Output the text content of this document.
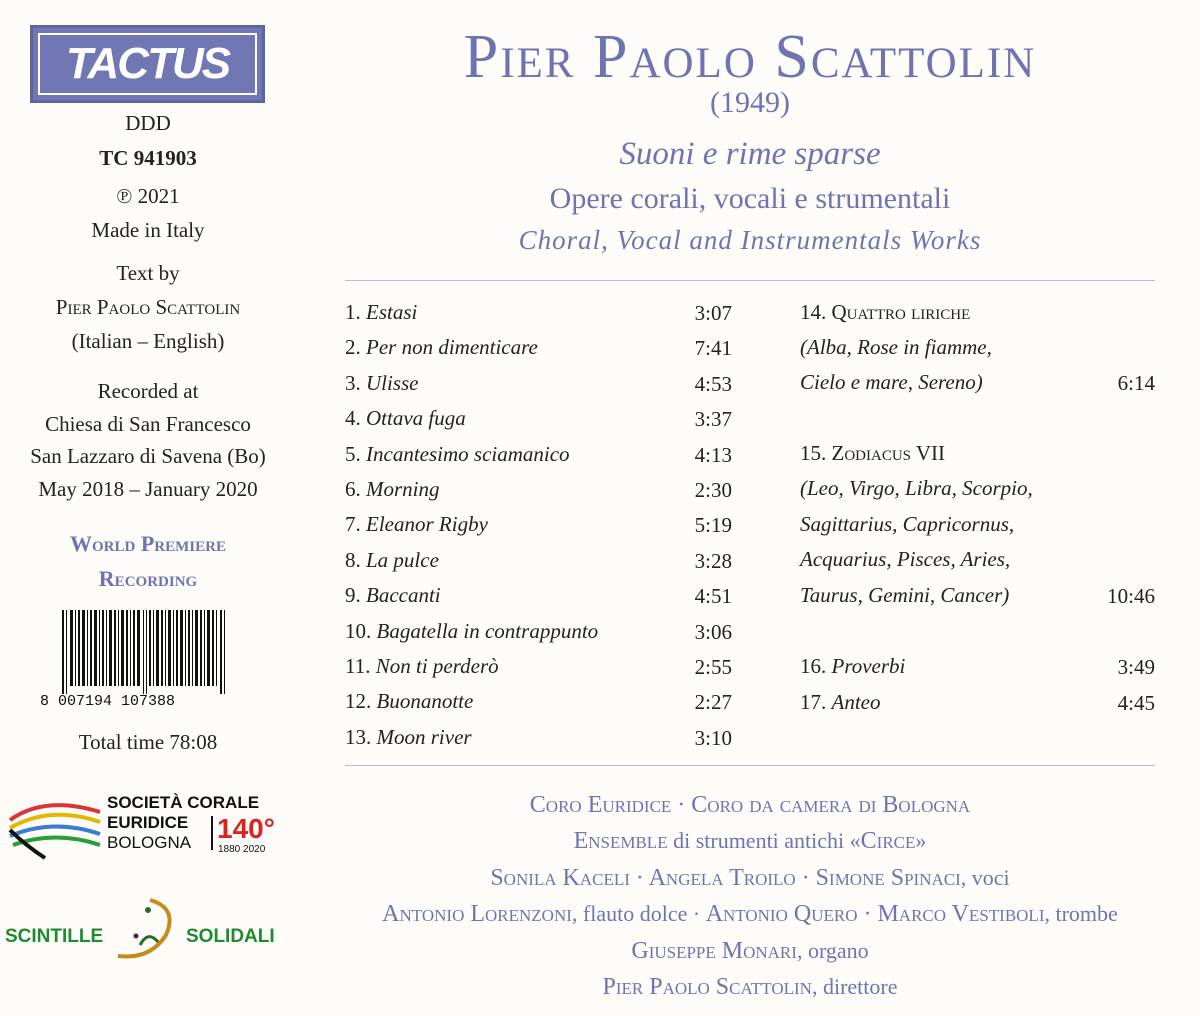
TACTUS
DDD
TC 941903
℗ 2021
Made in Italy
Text by
Pier Paolo Scattolin
(Italian – English)
Recorded at
Chiesa di San Francesco
San Lazzaro di Savena (Bo)
May 2018 – January 2020
World Premiere
Recording
8 007194 107388
Total time 78:08
SOCIETÀ CORALE
EURIDICE
BOLOGNA 140°
1880 2020
SCINTILLE	SOLIDALI
Pier Paolo Scattolin
(1949)
Suoni e rime sparse
Opere corali, vocali e strumentali
Choral, Vocal and Instrumentals Works
1. Estasi	3:07
2. Per non dimenticare	7:41
3. Ulisse	4:53
4. Ottava fuga	3:37
5. Incantesimo sciamanico	4:13
6. Morning	2:30
7. Eleanor Rigby	5:19
8. La pulce	3:28
9. Baccanti	4:51
10. Bagatella in contrappunto	3:06
11. Non ti perderò	2:55
12. Buonanotte	2:27
13. Moon river	3:10
14. Quattro liriche
(Alba, Rose in fiamme,
Cielo e mare, Sereno)	6:14
15. Zodiacus VII
(Leo, Virgo, Libra, Scorpio,
Sagittarius, Capricornus,
Acquarius, Pisces, Aries,
Taurus, Gemini, Cancer)	10:46
16. Proverbi	3:49
17. Anteo	4:45
Coro Euridice · Coro da camera di Bologna
Ensemble di strumenti antichi «Circe»
Sonila Kaceli · Angela Troilo · Simone Spinaci, voci
Antonio Lorenzoni, flauto dolce · Antonio Quero · Marco Vestiboli, trombe
Giuseppe Monari, organo
Pier Paolo Scattolin, direttore
